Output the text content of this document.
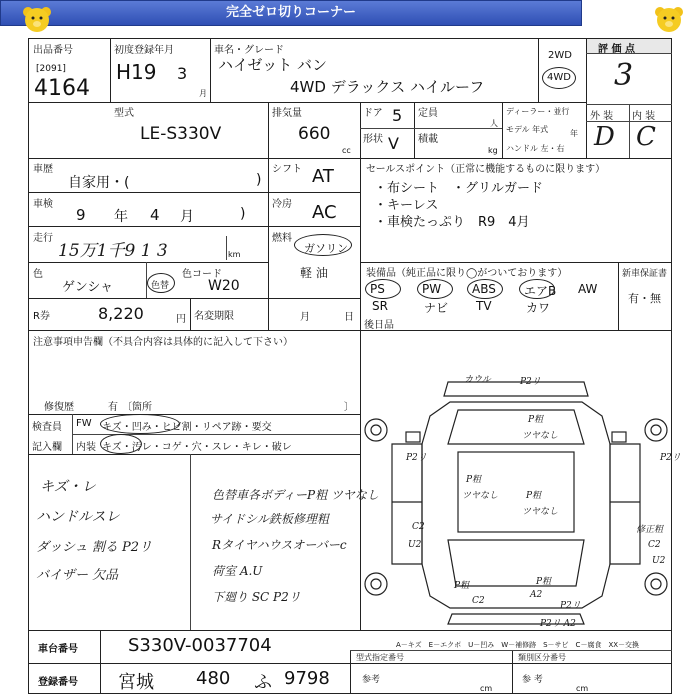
完全ゼロ切りコーナー
出品番号
[2091]
4164
初度登録年月
H19 3
月
車名・グレード
ハイゼット バン
4WD デラックス ハイルーフ
2WD
4WD
評 価 点
3
外 装 内 装
D C
型式
LE-S330V
排気量
660
cc
ドア 5
形状 V
定員
人
積載
kg
ディーラー・並行
モデル 年式	年
ハンドル 左・右
車歴
自家用・(	)
シフト AT
車検
9 年 4 月	)
冷房 AC
走行
15万1千9 1 3	km
燃料
ガソリン
軽 油
色
ゲンシャ	色替
色コード
W20
R券	8,220	円 名変期限	月	日
セールスポイント（正常に機能するものに限ります）
・布シート　・グリルガード
・キーレス
・車検たっぷり　R9　4月
装備品（純正品に限り◯がついております）	新車保証書
有・無
後日品
注意事項申告欄（不具合内容は具体的に記入して下さい）
修復歴	有 〔箇所	〕
検査員
記入欄
FW キズ・凹み・ヒビ割・リペア跡・要交
内装 キズ・汚レ・コゲ・穴・スレ・キレ・破レ
キズ・レ
ハンドルスレ
ダッシュ 割る P2リ
バイザー 欠品
色替車各ボディーP粗 ツヤなし
サイドシル鉄板修理粗
Rタイヤハウスオーバーc
荷室 A.U
下廻り SC P2リ
A－キズ　E－エクボ　U－凹み　W－補修跡　S－サビ　C－腐食　XX－交換
車台番号	S330V-0037704
登録番号 宮城 480 ふ 9798
型式指定番号	類別区分番号
参考
cm
参 考
cm
PS	PW	ABS エアB AW
SR	ナビ TV	カワ
カウル	P2リ
P粗
ツヤなし
P2リ
P粗
ツヤなし
P2リ
P粗
ツヤなし
C2
U2
P粗
A2
P粗
C2
修正粗
C2
U2
P2リ
P2リ A2
